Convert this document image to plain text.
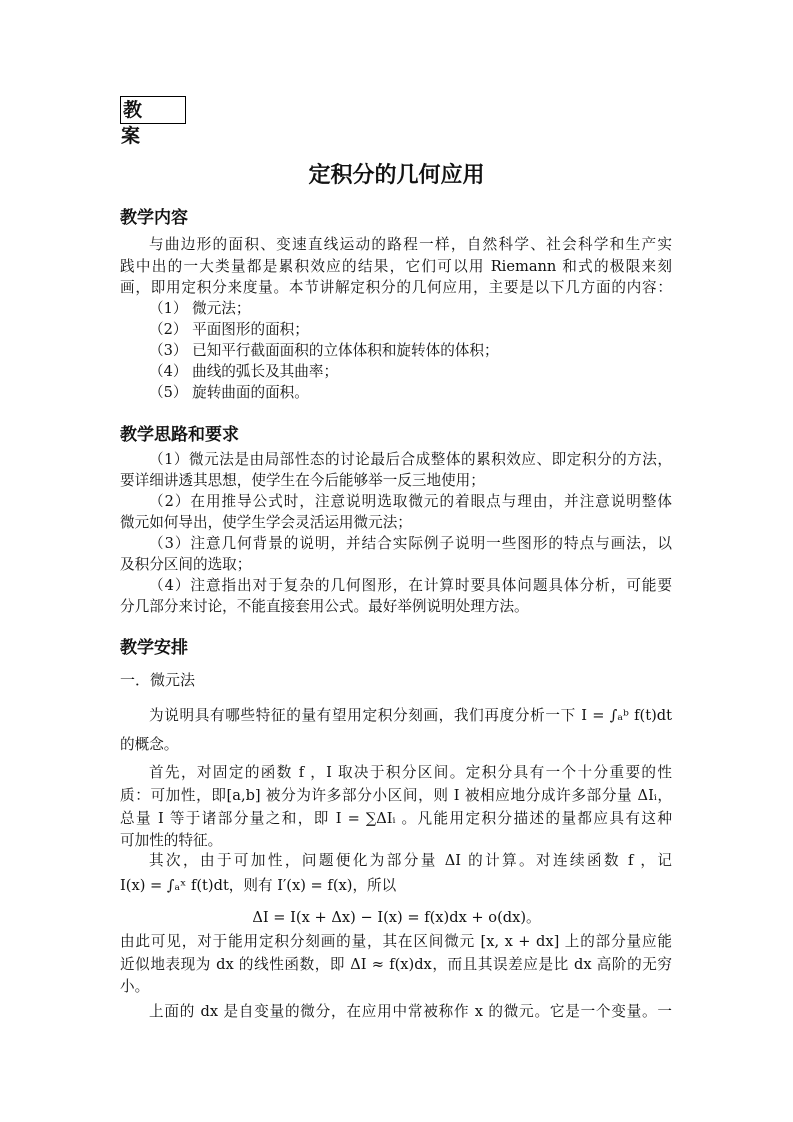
教案
定积分的几何应用
教学内容
与曲边形的面积、变速直线运动的路程一样，自然科学、社会科学和生产实
践中出的一大类量都是累积效应的结果，它们可以用 Riemann 和式的极限来刻
画，即用定积分来度量。本节讲解定积分的几何应用，主要是以下几方面的内容：
（1） 微元法；
（2） 平面图形的面积；
（3） 已知平行截面面积的立体体积和旋转体的体积；
（4） 曲线的弧长及其曲率；
（5） 旋转曲面的面积。
教学思路和要求
（1）微元法是由局部性态的讨论最后合成整体的累积效应、即定积分的方法，
要详细讲透其思想，使学生在今后能够举一反三地使用；
（2）在用推导公式时，注意说明选取微元的着眼点与理由，并注意说明整体
微元如何导出，使学生学会灵活运用微元法；
（3）注意几何背景的说明，并结合实际例子说明一些图形的特点与画法，以
及积分区间的选取；
（4）注意指出对于复杂的几何图形，在计算时要具体问题具体分析，可能要
分几部分来讨论，不能直接套用公式。最好举例说明处理方法。
教学安排
一．微元法
为说明具有哪些特征的量有望用定积分刻画，我们再度分析一下 I = ∫ₐᵇ f(t)dt
的概念。
首先，对固定的函数 f ，I 取决于积分区间。定积分具有一个十分重要的性
质：可加性，即[a,b] 被分为许多部分小区间，则 I 被相应地分成许多部分量 ΔIᵢ，
总量 I 等于诸部分量之和，即 I = ∑ΔIᵢ 。凡能用定积分描述的量都应具有这种
可加性的特征。
其次，由于可加性，问题便化为部分量 ΔI 的计算。对连续函数 f ，记
I(x) = ∫ₐˣ f(t)dt，则有 I′(x) = f(x)，所以
ΔI = I(x + Δx) − I(x) = f(x)dx + o(dx)。
由此可见，对于能用定积分刻画的量，其在区间微元 [x, x + dx] 上的部分量应能
近似地表现为 dx 的线性函数，即 ΔI ≈ f(x)dx，而且其误差应是比 dx 高阶的无穷
小。
上面的 dx 是自变量的微分，在应用中常被称作 x 的微元。它是一个变量。一
